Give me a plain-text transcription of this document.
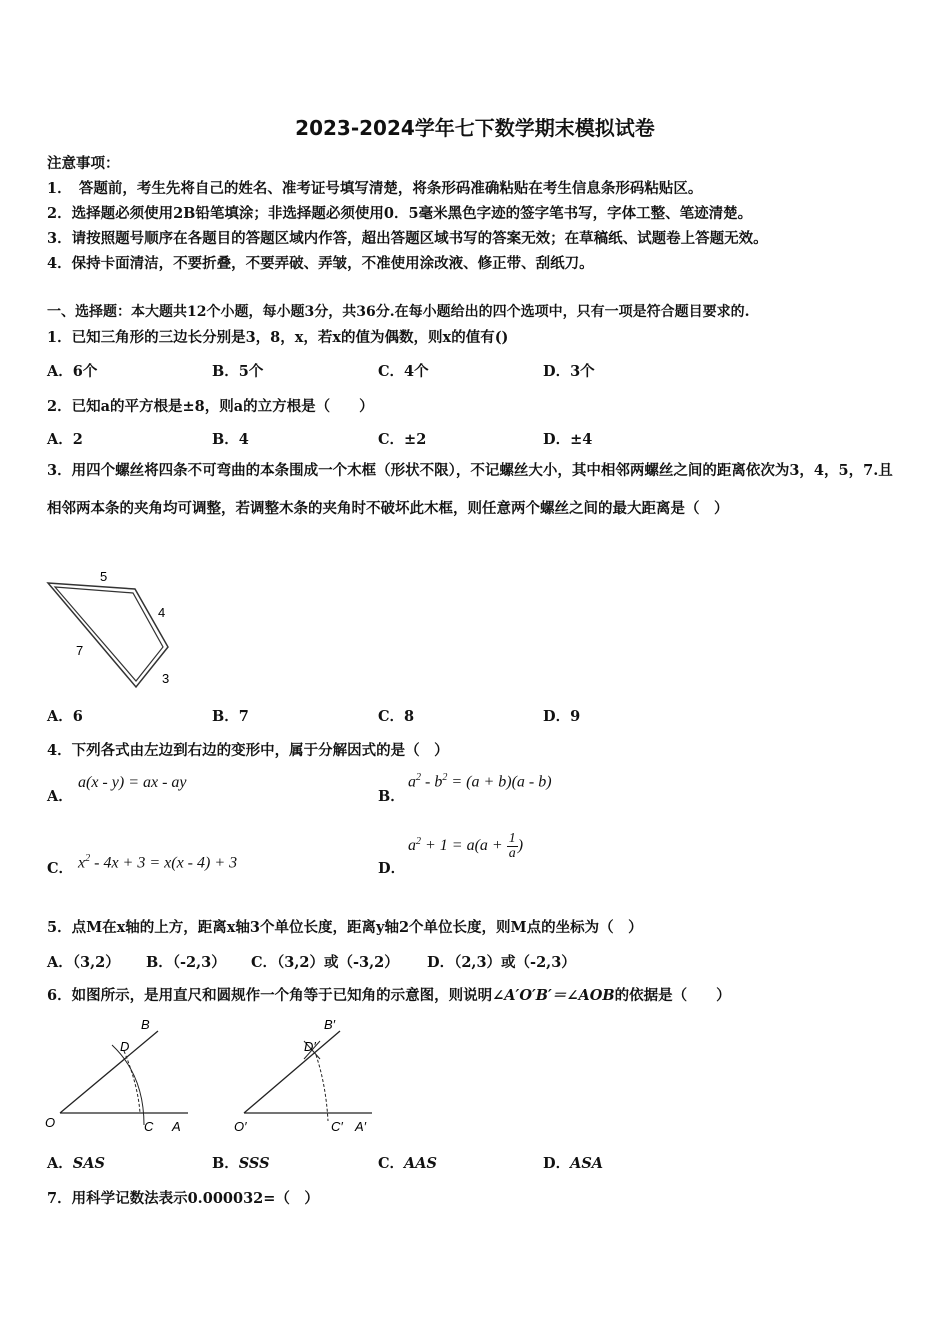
2023-2024学年七下数学期末模拟试卷
注意事项：
1．　答题前，考生先将自己的姓名、准考证号填写清楚，将条形码准确粘贴在考生信息条形码粘贴区。
2．选择题必须使用2B铅笔填涂；非选择题必须使用0．5毫米黑色字迹的签字笔书写，字体工整、笔迹清楚。
3．请按照题号顺序在各题目的答题区域内作答，超出答题区域书写的答案无效；在草稿纸、试题卷上答题无效。
4．保持卡面清洁，不要折叠，不要弄破、弄皱，不准使用涂改液、修正带、刮纸刀。
一、选择题：本大题共12个小题，每小题3分，共36分.在每小题给出的四个选项中，只有一项是符合题目要求的.
1．已知三角形的三边长分别是3，8，x，若x的值为偶数，则x的值有()
A．6个	B．5个	C．4个	D．3个
2．已知a的平方根是±8，则a的立方根是（　　）
A．2	B．4	C．±2	D．±4
3．用四个螺丝将四条不可弯曲的本条围成一个木框（形状不限），不记螺丝大小，其中相邻两螺丝之间的距离依次为3，4，5，7.且相邻两本条的夹角均可调整，若调整木条的夹角时不破坏此木框，则任意两个螺丝之间的最大距离是（　）
5
4
7
3
A．6	B．7	C．8	D．9
4．下列各式由左边到右边的变形中，属于分解因式的是（　）
A．
a(x - y) = ax - ay
B．
$a^2 - b^2 = (a + b)(a - b)$
C． $x^2 - 4x + 3 = x(x - 4) + 3$	D．
$a^2 + 1 = a(a + \frac{1}{a}$ )
5．点M在x轴的上方，距离x轴3个单位长度，距离y轴2个单位长度，则M点的坐标为（　）
A．（3,2） B．（-2,3） C．（3,2）或（-3,2） D．（2,3）或（-2,3）
6．如图所示，是用直尺和圆规作一个角等于已知角的示意图，则说明∠A′O′B′＝∠AOB的依据是（　　）
B
D
O	C A
B′
D′
O′	C′ A′
A．SAS	B．SSS	C．AAS	D．ASA
7．用科学记数法表示0.000032=（　）
